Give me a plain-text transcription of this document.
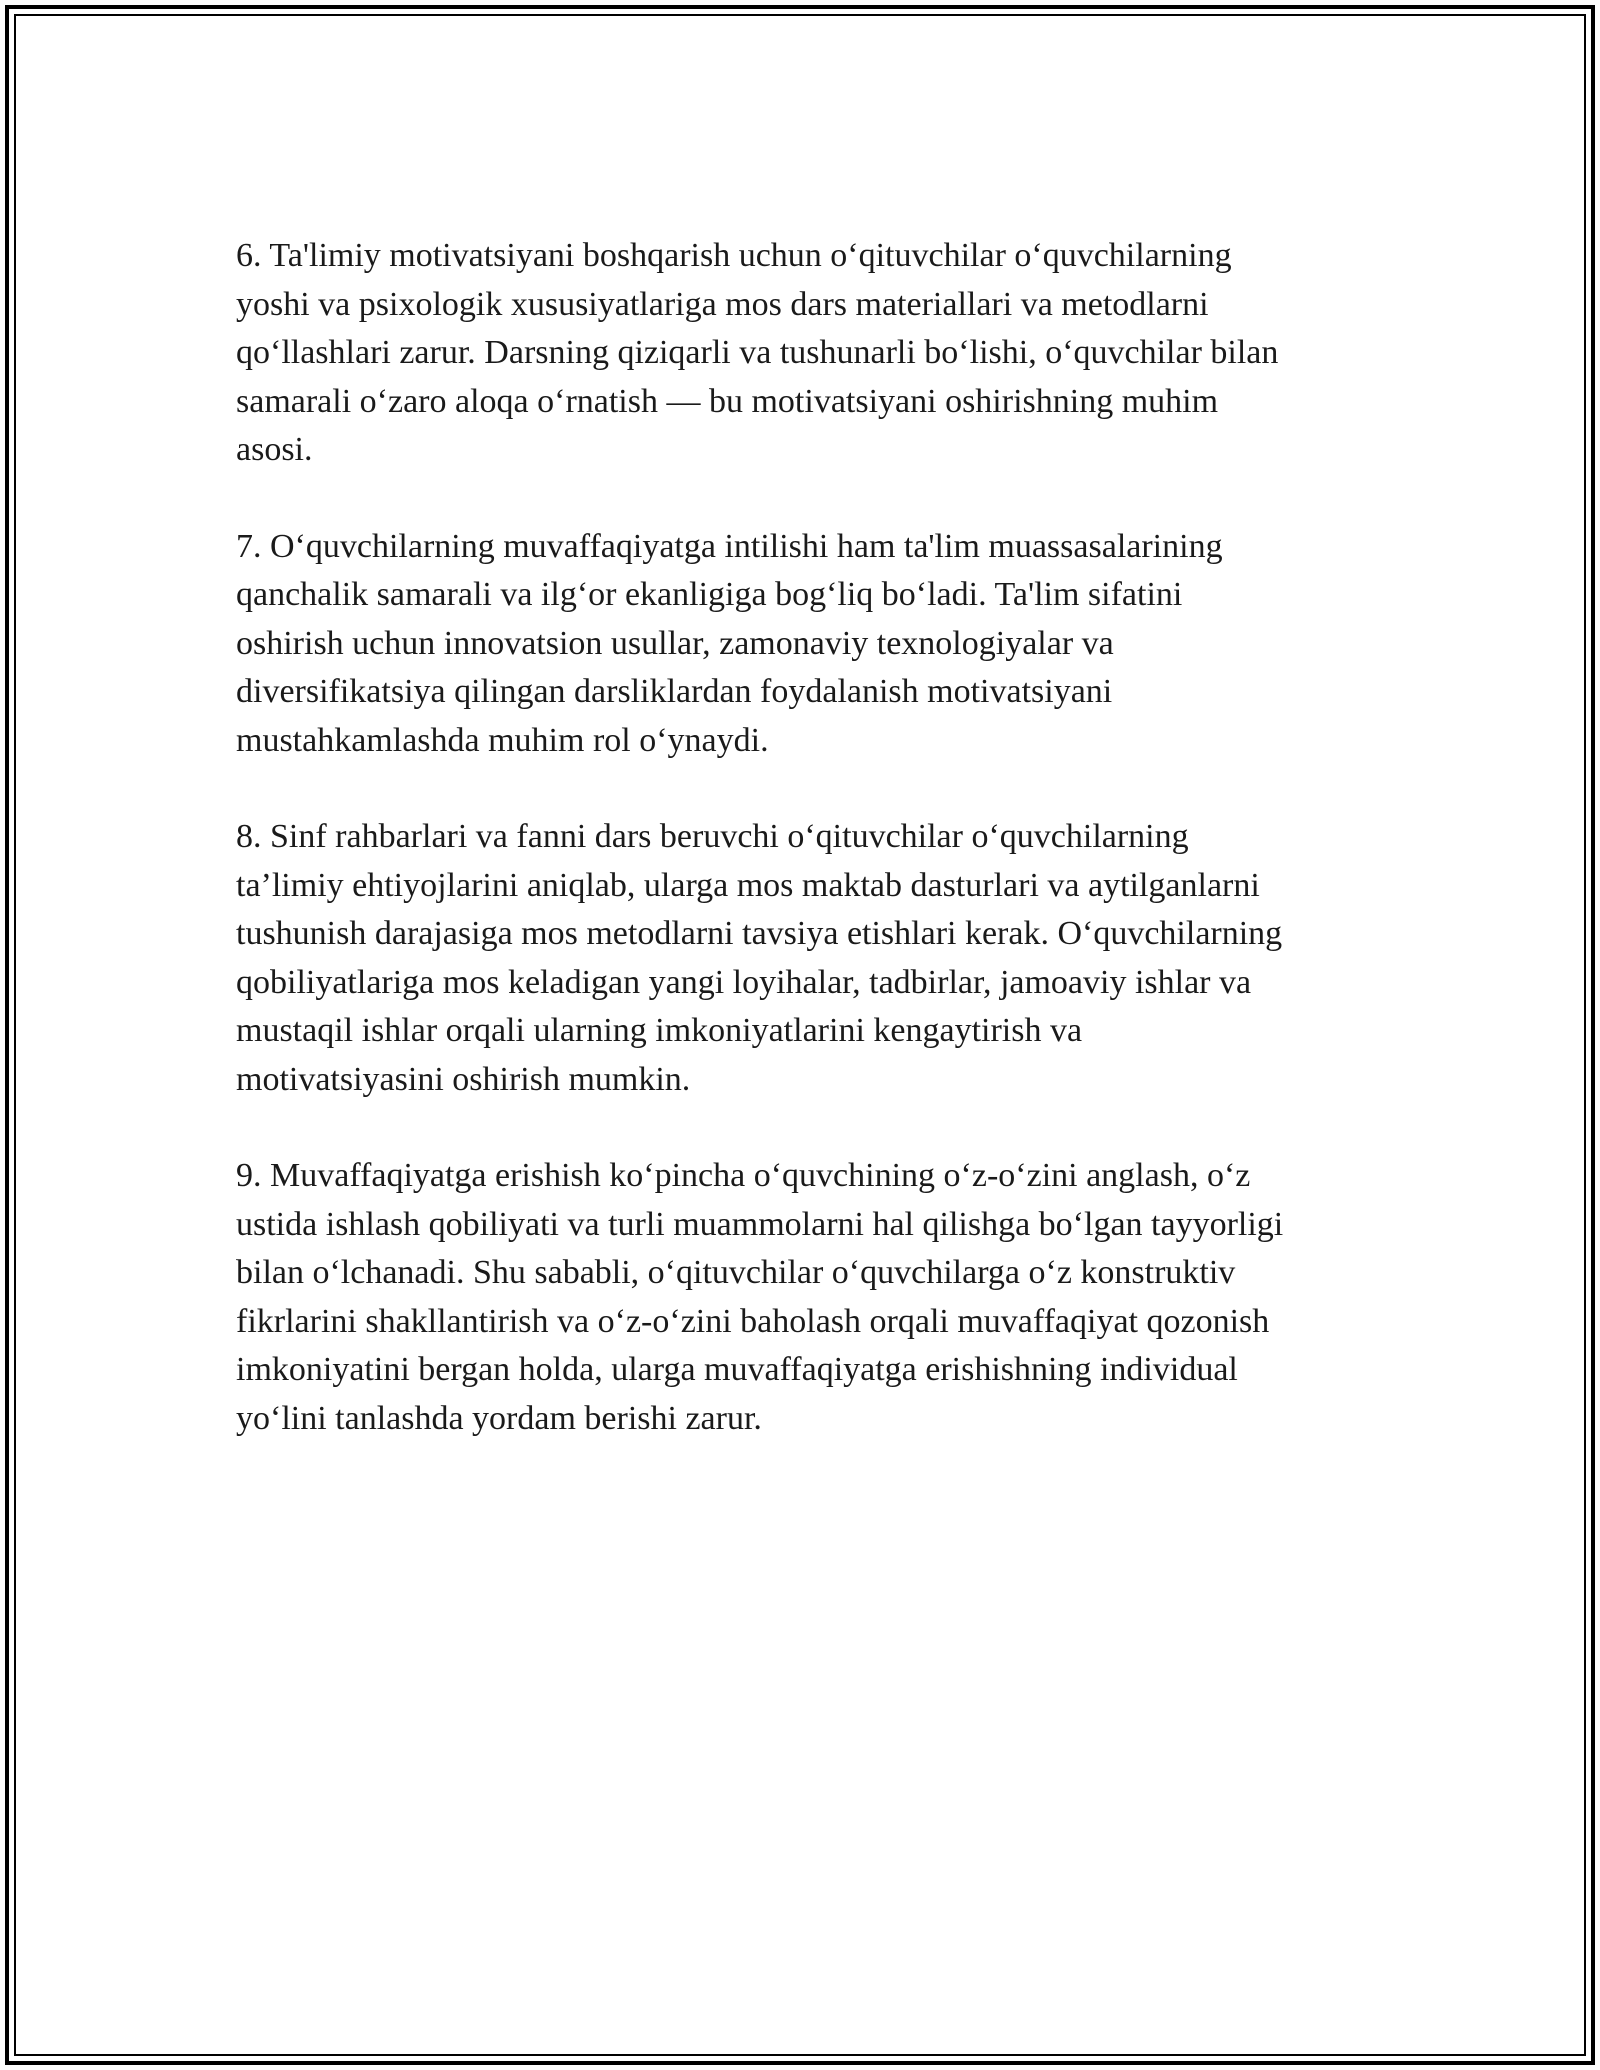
6. Ta'limiy motivatsiyani boshqarish uchun o‘qituvchilar o‘quvchilarning
yoshi va psixologik xususiyatlariga mos dars materiallari va metodlarni
qo‘llashlari zarur. Darsning qiziqarli va tushunarli bo‘lishi, o‘quvchilar bilan
samarali o‘zaro aloqa o‘rnatish — bu motivatsiyani oshirishning muhim
asosi.

7. O‘quvchilarning muvaffaqiyatga intilishi ham ta'lim muassasalarining
qanchalik samarali va ilg‘or ekanligiga bog‘liq bo‘ladi. Ta'lim sifatini
oshirish uchun innovatsion usullar, zamonaviy texnologiyalar va
diversifikatsiya qilingan darsliklardan foydalanish motivatsiyani
mustahkamlashda muhim rol o‘ynaydi.

8. Sinf rahbarlari va fanni dars beruvchi o‘qituvchilar o‘quvchilarning
ta’limiy ehtiyojlarini aniqlab, ularga mos maktab dasturlari va aytilganlarni
tushunish darajasiga mos metodlarni tavsiya etishlari kerak. O‘quvchilarning
qobiliyatlariga mos keladigan yangi loyihalar, tadbirlar, jamoaviy ishlar va
mustaqil ishlar orqali ularning imkoniyatlarini kengaytirish va
motivatsiyasini oshirish mumkin.

9. Muvaffaqiyatga erishish ko‘pincha o‘quvchining o‘z-o‘zini anglash, o‘z
ustida ishlash qobiliyati va turli muammolarni hal qilishga bo‘lgan tayyorligi
bilan o‘lchanadi. Shu sababli, o‘qituvchilar o‘quvchilarga o‘z konstruktiv
fikrlarini shakllantirish va o‘z-o‘zini baholash orqali muvaffaqiyat qozonish
imkoniyatini bergan holda, ularga muvaffaqiyatga erishishning individual
yo‘lini tanlashda yordam berishi zarur.
